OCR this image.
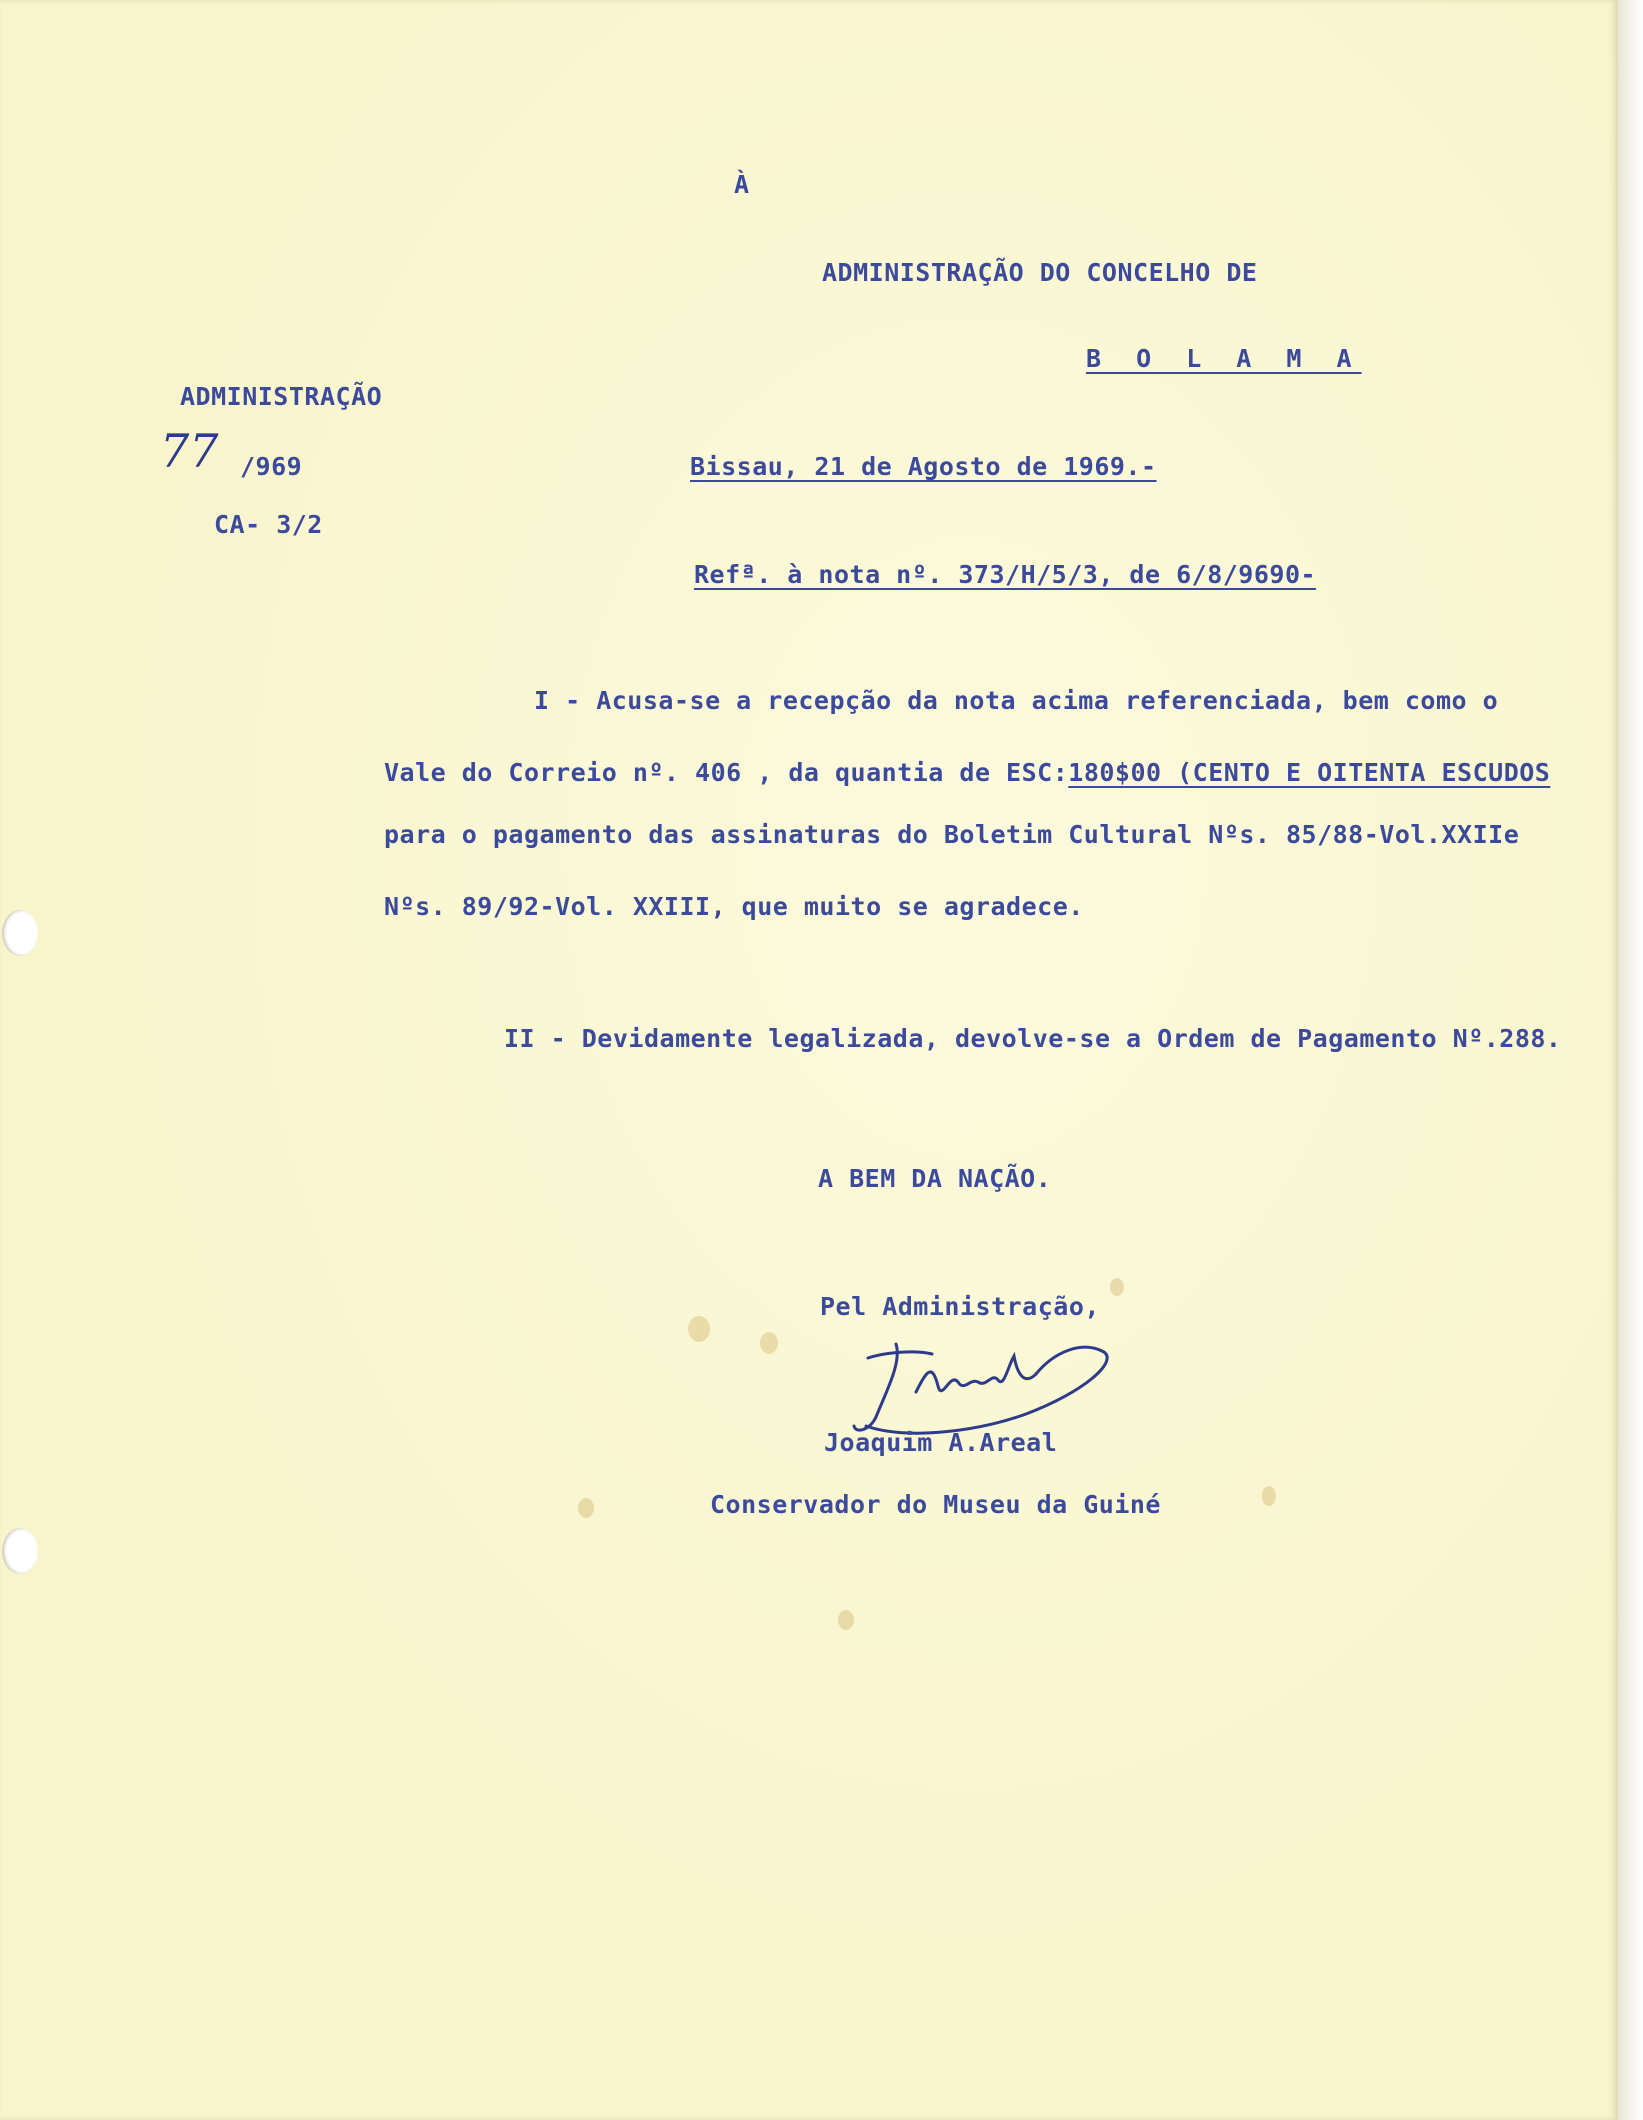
À

ADMINISTRAÇÃO DO CONCELHO DE

B O L A M A

ADMINISTRAÇÃO

77 /969

CA- 3/2

Bissau, 21 de Agosto de 1969.-

Refª. à nota nº. 373/H/5/3, de 6/8/9690-

I - Acusa-se a recepção da nota acima referenciada, bem como o

Vale do Correio nº. 406 , da quantia de ESC:180$00 (CENTO E OITENTA ESCUDOS

para o pagamento das assinaturas do Boletim Cultural Nºs. 85/88-Vol.XXIIe

Nºs. 89/92-Vol. XXIII, que muito se agradece.

II - Devidamente legalizada, devolve-se a Ordem de Pagamento Nº.288.

A BEM DA NAÇÃO.

Pel Administração,

Joaquim A.Areal

Conservador do Museu da Guiné
